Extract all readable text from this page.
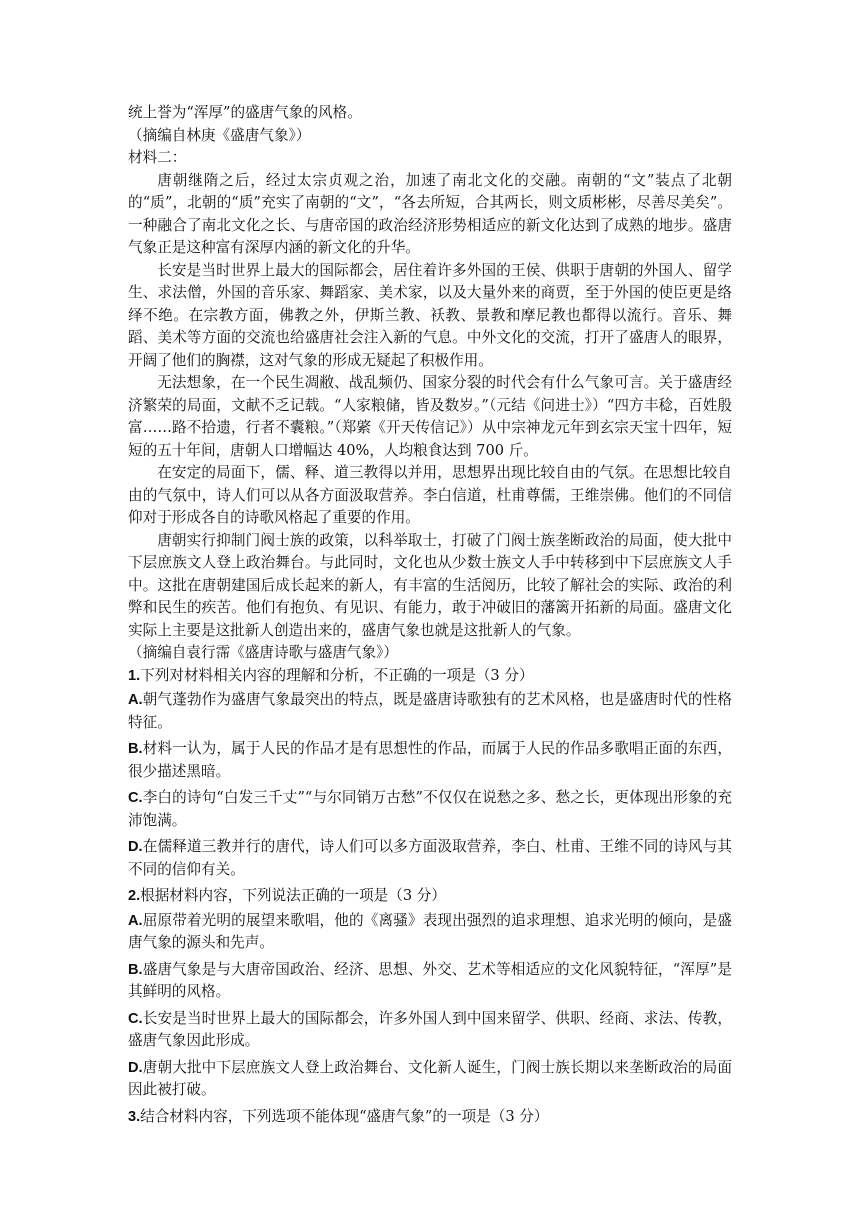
统上誉为“浑厚”的盛唐气象的风格。

（摘编自林庚《盛唐气象》）

材料二：

唐朝继隋之后，经过太宗贞观之治，加速了南北文化的交融。南朝的“文”装点了北朝的“质”，北朝的“质”充实了南朝的“文”，“各去所短，合其两长，则文质彬彬，尽善尽美矣”。一种融合了南北文化之长、与唐帝国的政治经济形势相适应的新文化达到了成熟的地步。盛唐气象正是这种富有深厚内涵的新文化的升华。

长安是当时世界上最大的国际都会，居住着许多外国的王侯、供职于唐朝的外国人、留学生、求法僧，外国的音乐家、舞蹈家、美术家，以及大量外来的商贾，至于外国的使臣更是络绎不绝。在宗教方面，佛教之外，伊斯兰教、袄教、景教和摩尼教也都得以流行。音乐、舞蹈、美术等方面的交流也给盛唐社会注入新的气息。中外文化的交流，打开了盛唐人的眼界，开阔了他们的胸襟，这对气象的形成无疑起了积极作用。

无法想象，在一个民生凋敝、战乱频仍、国家分裂的时代会有什么气象可言。关于盛唐经济繁荣的局面，文献不乏记载。“人家粮储，皆及数岁。”（元结《问进士》）“四方丰稔，百姓殷富……路不拾遗，行者不囊粮。”（郑綮《开天传信记》）从中宗神龙元年到玄宗天宝十四年，短短的五十年间，唐朝人口增幅达 40%，人均粮食达到 700 斤。

在安定的局面下，儒、释、道三教得以并用，思想界出现比较自由的气氛。在思想比较自由的气氛中，诗人们可以从各方面汲取营养。李白信道，杜甫尊儒，王维崇佛。他们的不同信仰对于形成各自的诗歌风格起了重要的作用。

唐朝实行抑制门阀士族的政策，以科举取士，打破了门阀士族垄断政治的局面，使大批中下层庶族文人登上政治舞台。与此同时，文化也从少数士族文人手中转移到中下层庶族文人手中。这批在唐朝建国后成长起来的新人，有丰富的生活阅历，比较了解社会的实际、政治的利弊和民生的疾苦。他们有抱负、有见识、有能力，敢于冲破旧的藩篱开拓新的局面。盛唐文化实际上主要是这批新人创造出来的，盛唐气象也就是这批新人的气象。

（摘编自袁行霈《盛唐诗歌与盛唐气象》）

1.下列对材料相关内容的理解和分析，不正确的一项是（3 分）

A.朝气蓬勃作为盛唐气象最突出的特点，既是盛唐诗歌独有的艺术风格，也是盛唐时代的性格特征。

B.材料一认为，属于人民的作品才是有思想性的作品，而属于人民的作品多歌唱正面的东西，很少描述黑暗。

C.李白的诗句“白发三千丈”“与尔同销万古愁”不仅仅在说愁之多、愁之长，更体现出形象的充沛饱满。

D.在儒释道三教并行的唐代，诗人们可以多方面汲取营养，李白、杜甫、王维不同的诗风与其不同的信仰有关。

2.根据材料内容，下列说法正确的一项是（3 分）

A.屈原带着光明的展望来歌唱，他的《离骚》表现出强烈的追求理想、追求光明的倾向，是盛唐气象的源头和先声。

B.盛唐气象是与大唐帝国政治、经济、思想、外交、艺术等相适应的文化风貌特征，“浑厚”是其鲜明的风格。

C.长安是当时世界上最大的国际都会，许多外国人到中国来留学、供职、经商、求法、传教，盛唐气象因此形成。

D.唐朝大批中下层庶族文人登上政治舞台、文化新人诞生，门阀士族长期以来垄断政治的局面因此被打破。

3.结合材料内容，下列选项不能体现“盛唐气象”的一项是（3 分）
